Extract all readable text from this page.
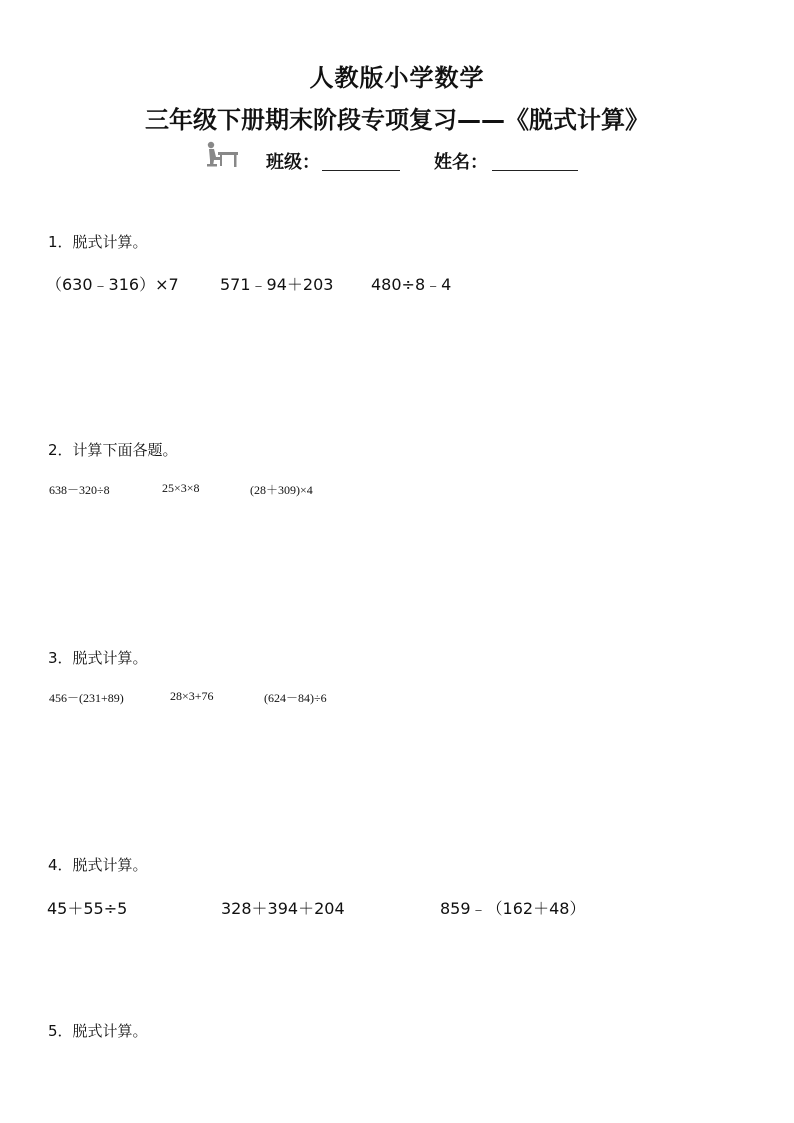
人教版小学数学
三年级下册期末阶段专项复习——《脱式计算》
班级：	姓名：
1．脱式计算。
（630﹣316）×7	571﹣94＋203 480÷8﹣4
2．计算下面各题。
638－320÷8	25×3×8	(28＋309)×4
3．脱式计算。
456－(231+89)	28×3+76	(624－84)÷6
4．脱式计算。
45＋55÷5	328＋394＋204	859﹣（162＋48）
5．脱式计算。
